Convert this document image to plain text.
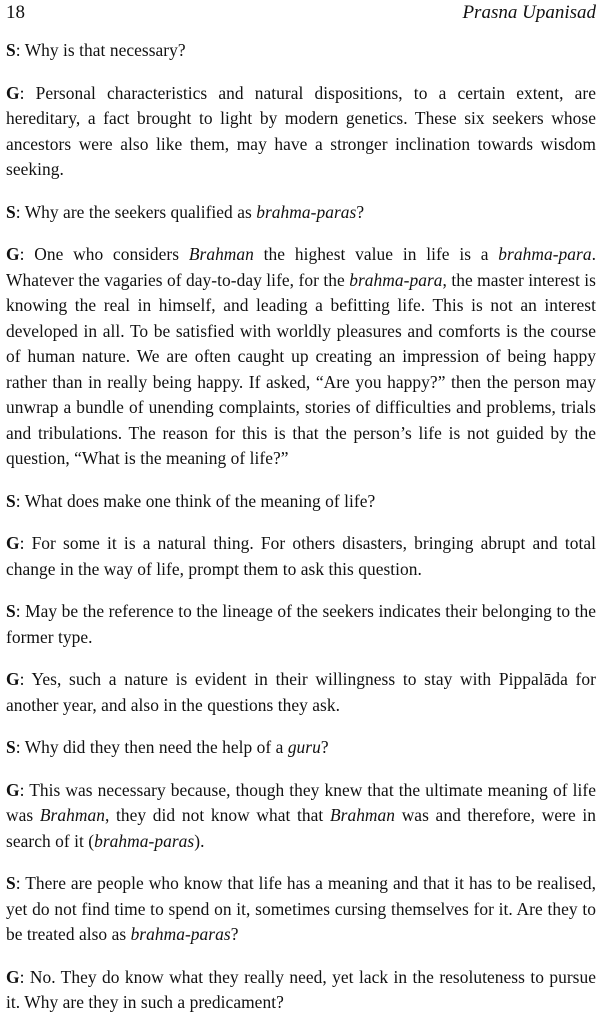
18	Prasna Upanisad

S: Why is that necessary?

G: Personal characteristics and natural dispositions, to a certain extent, are hereditary, a fact brought to light by modern genetics. These six seekers whose ancestors were also like them, may have a stronger inclination towards wisdom seeking.

S: Why are the seekers qualified as brahma-paras?

G: One who considers Brahman the highest value in life is a brahma-para. Whatever the vagaries of day-to-day life, for the brahma-para, the master interest is knowing the real in himself, and leading a befitting life. This is not an interest developed in all. To be satisfied with worldly pleasures and comforts is the course of human nature. We are often caught up creating an impression of being happy rather than in really being happy. If asked, “Are you happy?” then the person may unwrap a bundle of unending complaints, stories of difficulties and problems, trials and tribulations. The reason for this is that the person’s life is not guided by the question, “What is the meaning of life?”

S: What does make one think of the meaning of life?

G: For some it is a natural thing. For others disasters, bringing abrupt and total change in the way of life, prompt them to ask this question.

S: May be the reference to the lineage of the seekers indicates their belonging to the former type.

G: Yes, such a nature is evident in their willingness to stay with Pippalāda for another year, and also in the questions they ask.

S: Why did they then need the help of a guru?

G: This was necessary because, though they knew that the ultimate meaning of life was Brahman, they did not know what that Brahman was and therefore, were in search of it (brahma-paras).

S: There are people who know that life has a meaning and that it has to be realised, yet do not find time to spend on it, sometimes cursing themselves for it. Are they to be treated also as brahma-paras?

G: No. They do know what they really need, yet lack in the resoluteness to pursue it. Why are they in such a predicament?
